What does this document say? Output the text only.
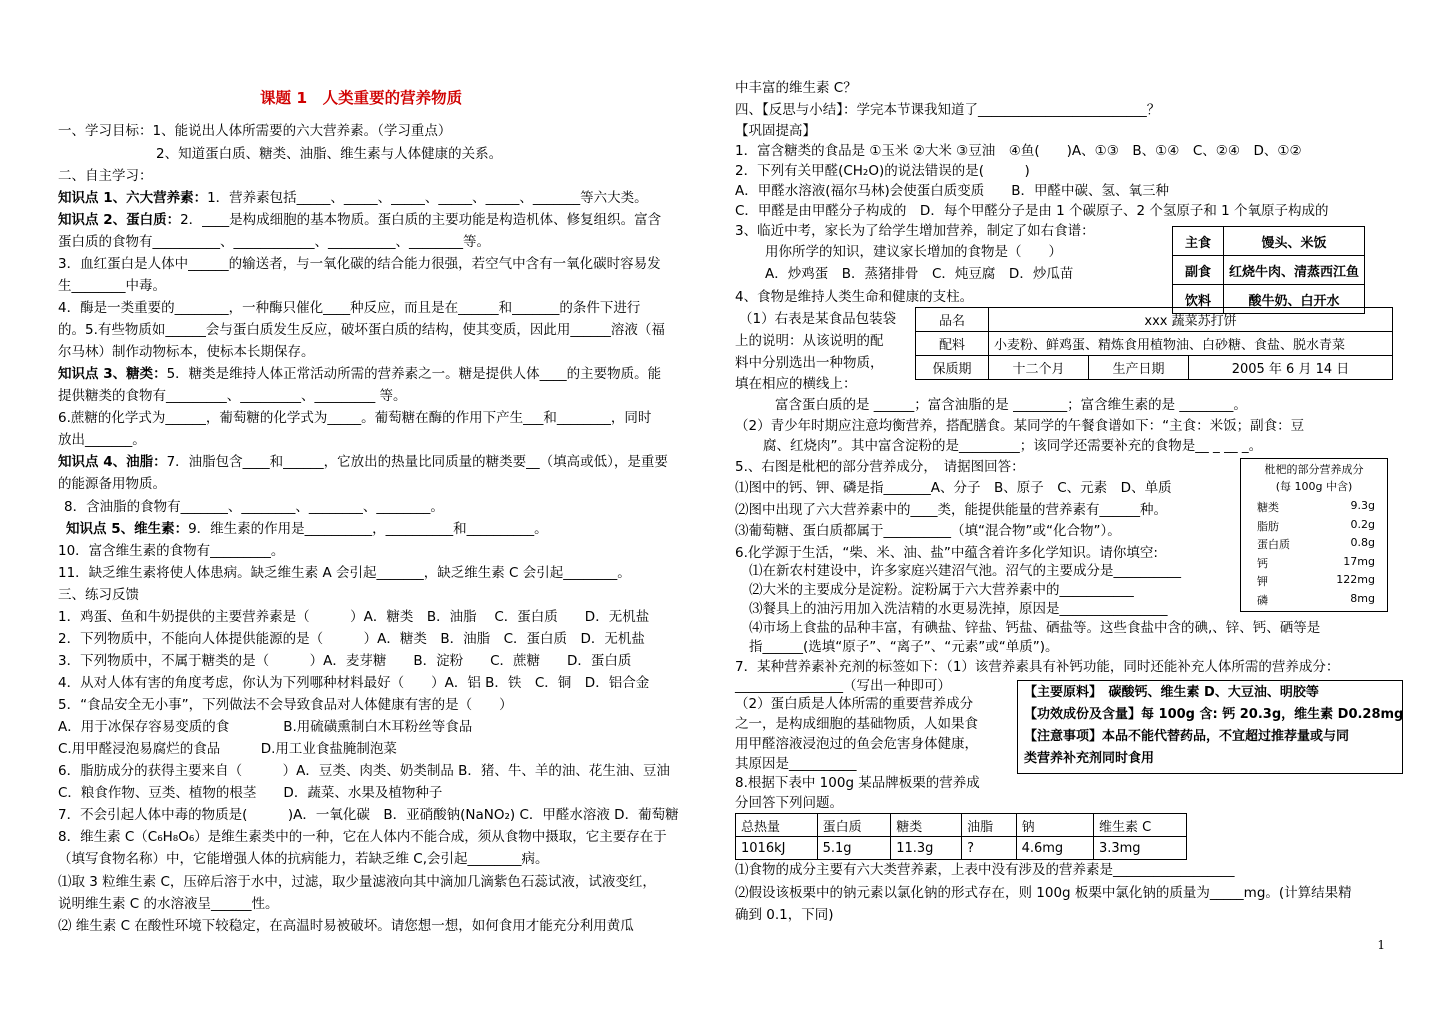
课题 1　人类重要的营养物质
一、学习目标：1、能说出人体所需要的六大营养素。（学习重点）
2、知道蛋白质、糖类、油脂、维生素与人体健康的关系。
二、自主学习：
知识点 1、六大营养素：1．营养素包括_____、_____、_____、_____、_____、_______等六大类。
知识点 2、蛋白质：2．____是构成细胞的基本物质。蛋白质的主要功能是构造机体、修复组织。富含
蛋白质的食物有__________、____________、__________、________等。
3．血红蛋白是人体中______的输送者，与一氧化碳的结合能力很强，若空气中含有一氧化碳时容易发
生________中毒。
4．酶是一类重要的________，一种酶只催化____种反应，而且是在______和_______的条件下进行
的。5.有些物质如______会与蛋白质发生反应，破坏蛋白质的结构，使其变质，因此用______溶液（福
尔马林）制作动物标本，使标本长期保存。
知识点 3、糖类：5．糖类是维持人体正常活动所需的营养素之一。糖是提供人体____的主要物质。能
提供糖类的食物有_________、_________、_________ 等。
6.蔗糖的化学式为______，葡萄糖的化学式为_____。葡萄糖在酶的作用下产生___和________，同时
放出_______。
知识点 4、油脂：7．油脂包含____和______，它放出的热量比同质量的糖类要__（填高或低），是重要
的能源备用物质。
8．含油脂的食物有_______、________、________、________。
知识点 5、维生素：9．维生素的作用是__________，__________和__________。
10．富含维生素的食物有_________。
11．缺乏维生素将使人体患病。缺乏维生素 A 会引起_______，缺乏维生素 C 会引起________。
三、练习反馈
1．鸡蛋、鱼和牛奶提供的主要营养素是（　　　）A．糖类　B．油脂　 C．蛋白质　　D．无机盐
2．下列物质中，不能向人体提供能源的是（　　　）A．糖类　B．油脂　C．蛋白质　D．无机盐
3．下列物质中，不属于糖类的是（　　　）A．麦芽糖　　B．淀粉　　C．蔗糖　　D．蛋白质
4．从对人体有害的角度考虑，你认为下列哪种材料最好（　　）A．铝 B．铁　C．铜　D．铝合金
5．“食品安全无小事”，下列做法不会导致食品对人体健康有害的是（　　）
A．用于冰保存容易变质的食　　　　B.用硫磺熏制白木耳粉丝等食品
C.用甲醛浸泡易腐烂的食品　　　D.用工业食盐腌制泡菜
6．脂肪成分的获得主要来自（　　　）A．豆类、肉类、奶类制品 B．猪、牛、羊的油、花生油、豆油
C．粮食作物、豆类、植物的根茎　　D．蔬菜、水果及植物种子
7．不会引起人体中毒的物质是(　　　)A．一氧化碳　B．亚硝酸钠(NaNO₂) C．甲醛水溶液 D．葡萄糖
8．维生素 C（C₆H₈O₆）是维生素类中的一种，它在人体内不能合成，须从食物中摄取，它主要存在于
（填写食物名称）中，它能增强人体的抗病能力，若缺乏维 C,会引起________病。
⑴取 3 粒维生素 C，压碎后溶于水中，过滤，取少量滤液向其中滴加几滴紫色石蕊试液，试液变红，
说明维生素 C 的水溶液呈______性。
⑵ 维生素 C 在酸性环境下较稳定，在高温时易被破坏。请您想一想，如何食用才能充分利用黄瓜
中丰富的维生素 C？
四、【反思与小结】：学完本节课我知道了_________________________？
【巩固提高】
1．富含糖类的食品是 ①玉米 ②大米 ③豆油　④鱼(　　)A、①③　B、①④　C、②④　D、①②
2．下列有关甲醛(CH₂O)的说法错误的是(　　　)
A．甲醛水溶液(福尔马林)会使蛋白质变质　　B．甲醛中碳、氢、氧三种
C．甲醛是由甲醛分子构成的　D．每个甲醛分子是由 1 个碳原子、2 个氢原子和 1 个氧原子构成的
3、临近中考，家长为了给学生增加营养，制定了如右食谱：
用你所学的知识，建议家长增加的食物是（　　）
A．炒鸡蛋　B．蒸猪排骨　C．炖豆腐　D．炒瓜苗
4、食物是维持人类生命和健康的支柱。
（1）右表是某食品包装袋
上的说明：从该说明的配
料中分别选出一种物质，
填在相应的横线上：
富含蛋白质的是 ______；富含油脂的是 ________；富含维生素的是 ________。
（2）青少年时期应注意均衡营养，搭配膳食。某同学的午餐食谱如下：“主食：米饭；副食：豆
腐、红烧肉”。其中富含淀粉的是_________；该同学还需要补充的食物是__ _ __ _。
5.、右图是枇杷的部分营养成分，　请据图回答：
⑴图中的钙、钾、磷是指_______A、分子　B、原子　C、元素　D、单质
⑵图中出现了六大营养素中的____类，能提供能量的营养素有______种。
⑶葡萄糖、蛋白质都属于__________（填“混合物”或“化合物”）。
6.化学源于生活，“柴、米、油、盐”中蕴含着许多化学知识。请你填空:
⑴在新农村建设中，许多家庭兴建沼气池。沼气的主要成分是__________
⑵大米的主要成分是淀粉。淀粉属于六大营养素中的___________
⑶餐具上的油污用加入洗洁精的水更易洗掉，原因是________________
⑷市场上食盐的品种丰富，有碘盐、锌盐、钙盐、硒盐等。这些食盐中含的碘,、锌、钙、硒等是
指______(选填“原子”、“离子”、“元素”或“单质”)。
7．某种营养素补充剂的标签如下：（1）该营养素具有补钙功能，同时还能补充人体所需的营养成分：
________________（写出一种即可）
（2）蛋白质是人体所需的重要营养成分
之一，是构成细胞的基础物质，人如果食
用甲醛溶液浸泡过的鱼会危害身体健康，
其原因是__________
8.根据下表中 100g 某品牌板栗的营养成
分回答下列问题。
⑴食物的成分主要有六大类营养素，上表中没有涉及的营养素是__________________
⑵假设该板栗中的钠元素以氯化钠的形式存在，则 100g 板栗中氯化钠的质量为_____mg。(计算结果精
确到 0.1，下同)
主食	馒头、米饭
副食	红烧牛肉、清蒸西江鱼
饮料	酸牛奶、白开水
品名	xxx 蔬菜苏打饼		
配料	小麦粉、鲜鸡蛋、精炼食用植物油、白砂糖、食盐、脱水青菜		
保质期	十二个月	生产日期	2005 年 6 月 14 日
枇杷的部分营养成分
(每 100g 中含)
糖类	9.3g
脂肪	0.2g
蛋白质	0.8g
钙	17mg
钾	122mg
磷	8mg
【主要原料】　碳酸钙、维生素 D、大豆油、明胶等
【功效成份及含量】每 100g 含: 钙 20.3g，维生素 D0.28mg
【注意事项】本品不能代替药品，不宜超过推荐量或与同
类营养补充剂同时食用
总热量	蛋白质	糖类	油脂	钠	维生素 C
1016kJ	5.1g	11.3g	?	4.6mg	3.3mg
1
